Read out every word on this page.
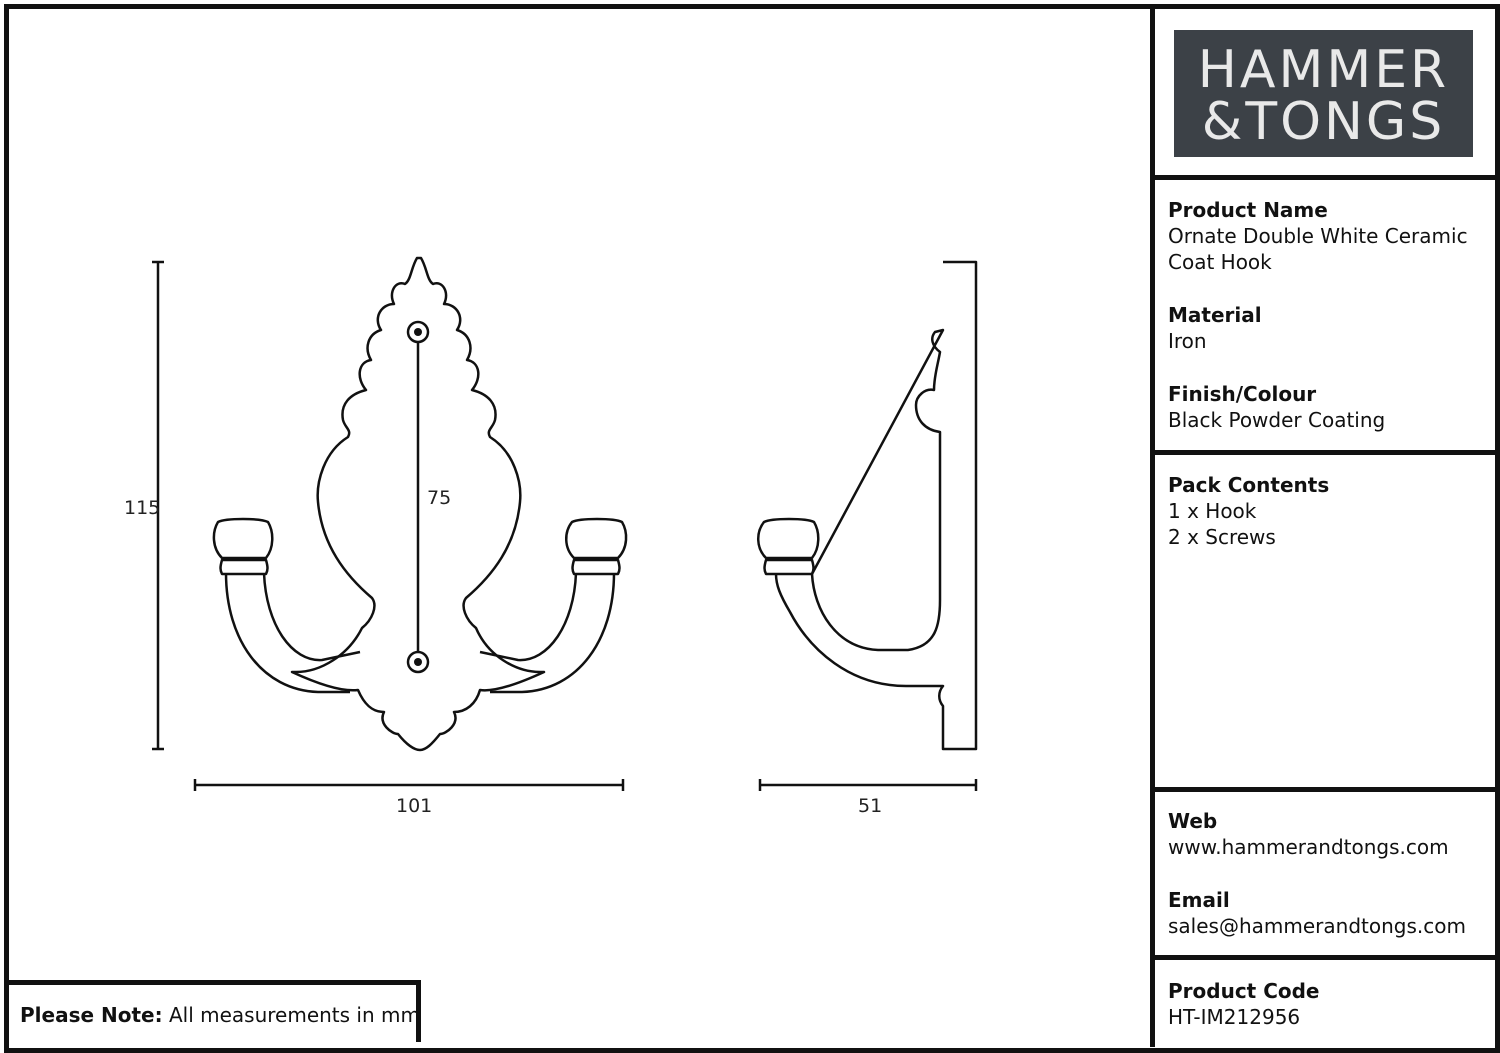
115	75
101	51
HAMMER
&TONGS
Product Name
Ornate Double White Ceramic
Coat Hook
Material
Iron
Finish/Colour
Black Powder Coating
Pack Contents
1 x Hook
2 x Screws
Web
www.hammerandtongs.com
Email
sales@hammerandtongs.com
Product Code
HT-IM212956
Please Note: All measurements in mm
